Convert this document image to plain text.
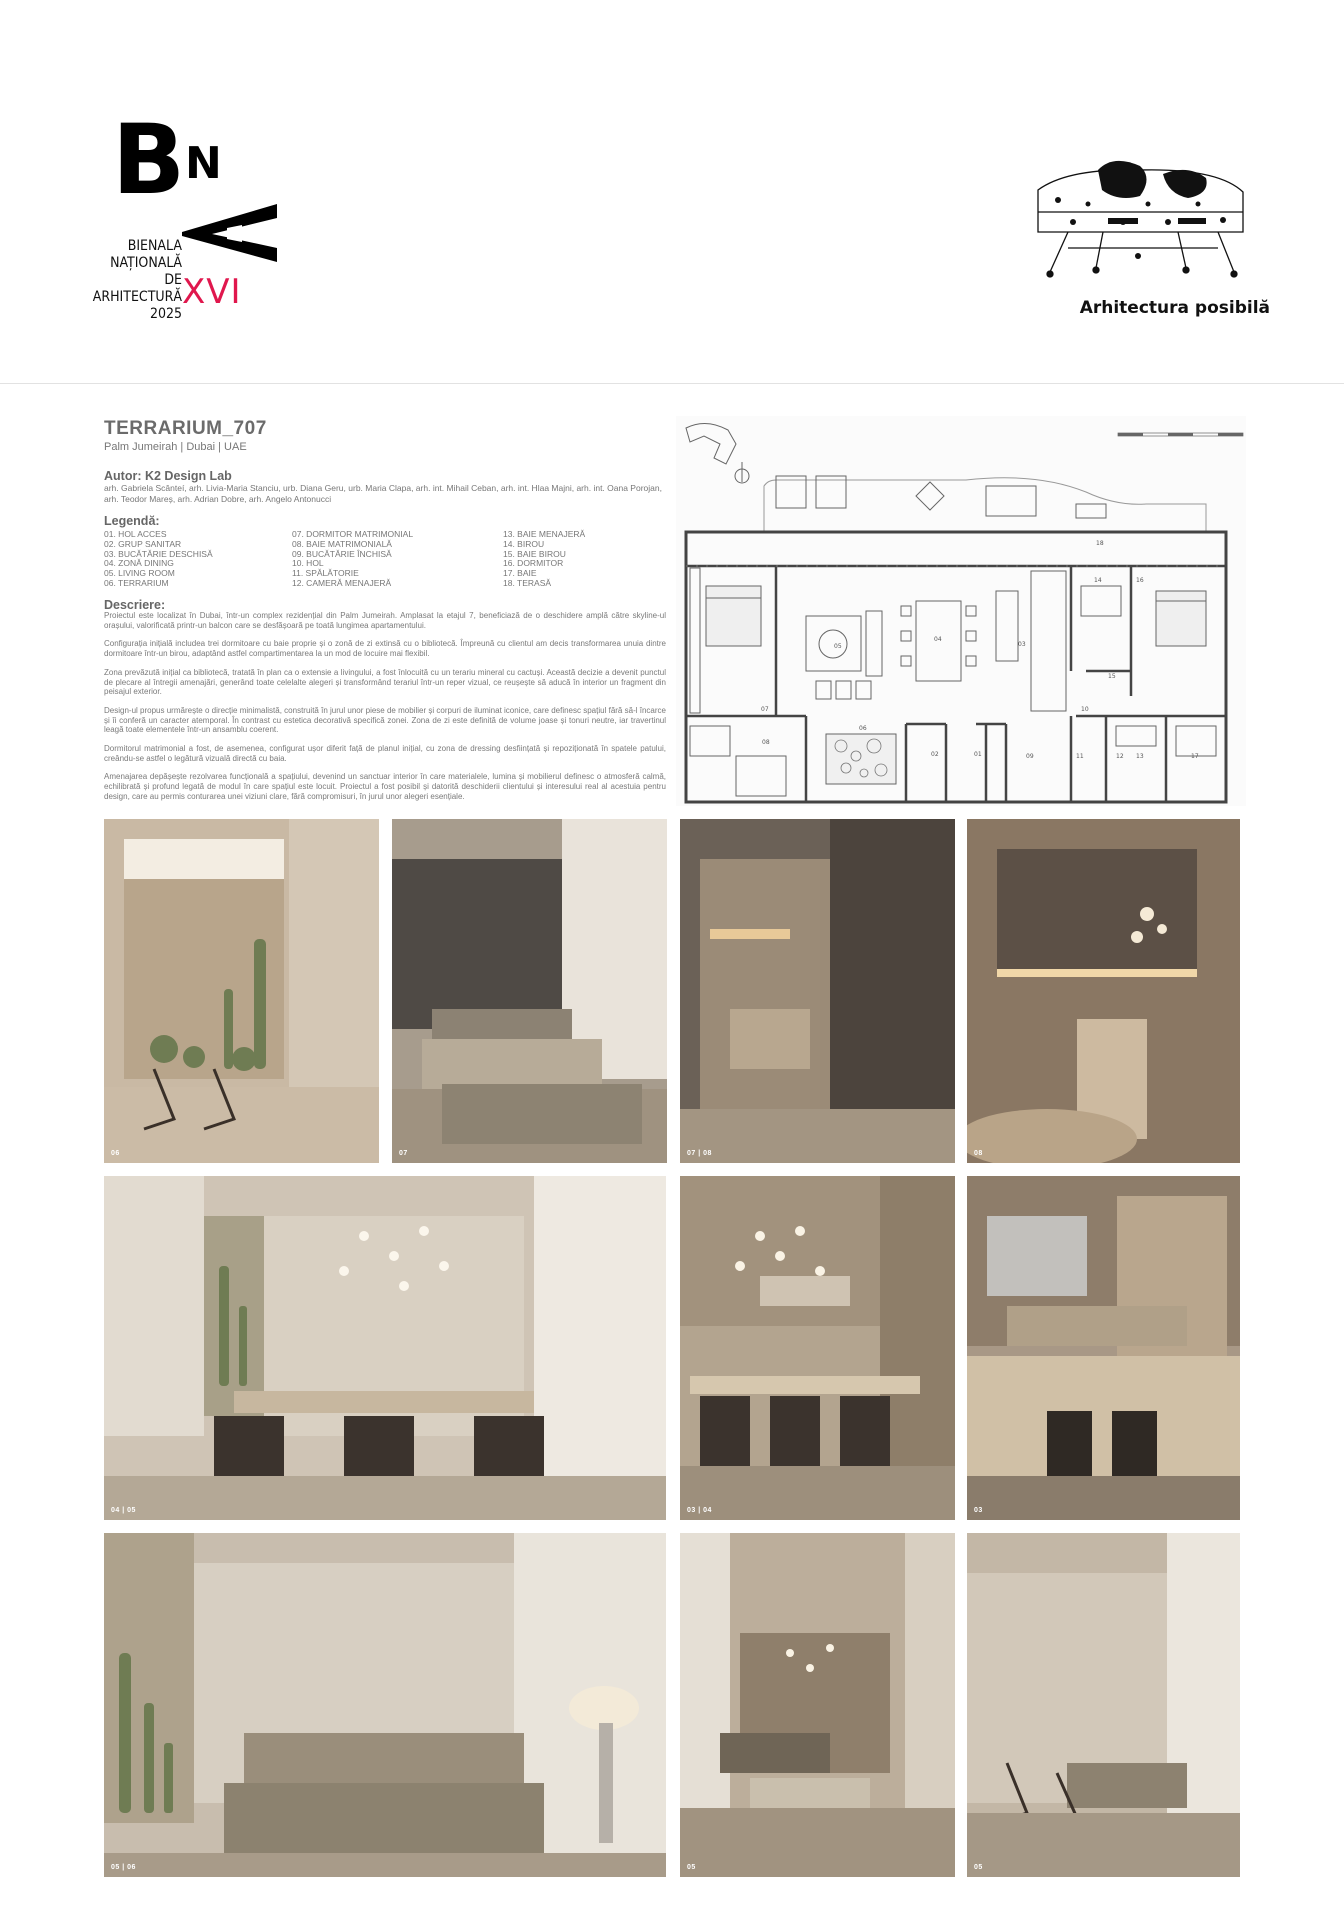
B N
BIENALA
NAȚIONALĂ
DE
ARHITECTURĂ
2025
XVI	Arhitectura posibilă
TERRARIUM_707
Palm Jumeirah | Dubai | UAE
Autor: K2 Design Lab
arh. Gabriela Scânteí, arh. Livia-Maria Stanciu, urb. Diana Geru, urb. Maria Clapa, arh. int. Mihail Ceban, arh. int. Hlaa Majni, arh. int. Oana Porojan, arh. Teodor Mareș, arh. Adrian Dobre, arh. Angelo Antonucci
Legendă:
01. HOL ACCES
02. GRUP SANITAR
03. BUCĂTĂRIE DESCHISĂ
04. ZONĂ DINING
05. LIVING ROOM
06. TERRARIUM
07. DORMITOR MATRIMONIAL
08. BAIE MATRIMONIALĂ
09. BUCĂTĂRIE ÎNCHISĂ
10. HOL
11. SPĂLĂTORIE
12. CAMERĂ MENAJERĂ
13. BAIE MENAJERĂ
14. BIROU
15. BAIE BIROU
16. DORMITOR
17. BAIE
18. TERASĂ
Descriere:

Proiectul este localizat în Dubai, într-un complex rezidențial din Palm Jumeirah. Amplasat la etajul 7, beneficiază de o deschidere amplă către skyline-ul orașului, valorificată printr-un balcon care se desfășoară pe toată lungimea apartamentului.

Configurația inițială includea trei dormitoare cu baie proprie și o zonă de zi extinsă cu o bibliotecă. Împreună cu clientul am decis transformarea unuia dintre dormitoare într-un birou, adaptând astfel compartimentarea la un mod de locuire mai flexibil.

Zona prevăzută inițial ca bibliotecă, tratată în plan ca o extensie a livingului, a fost înlocuită cu un terariu mineral cu cactuși. Această decizie a devenit punctul de plecare al întregii amenajări, generând toate celelalte alegeri și transformând terariul într-un reper vizual, ce reușește să aducă în interior un fragment din peisajul exterior.

Design-ul propus urmărește o direcție minimalistă, construită în jurul unor piese de mobilier și corpuri de iluminat iconice, care definesc spațiul fără să-l încarce și îi conferă un caracter atemporal. În contrast cu estetica decorativă specifică zonei. Zona de zi este definită de volume joase și tonuri neutre, iar travertinul leagă toate elementele într-un ansamblu coerent.

Dormitorul matrimonial a fost, de asemenea, configurat ușor diferit față de planul inițial, cu zona de dressing desființată și repoziționată în spatele patului, creându-se astfel o legătură vizuală directă cu baia.

Amenajarea depășește rezolvarea funcțională a spațiului, devenind un sanctuar interior în care materialele, lumina și mobilierul definesc o atmosferă calmă, echilibrată și profund legată de modul în care spațiul este locuit. Proiectul a fost posibil și datorită deschiderii clientului și interesului real al acestuia pentru design, care au permis conturarea unei viziuni clare, fără compromisuri, în jurul unor alegeri esențiale.

01
02
03
04
05
06
07
08
09
10
11	12 13
14
15
16
17
18
06	07	07 | 08	08
04 | 05	03 | 04	03
05 | 06	05	05
